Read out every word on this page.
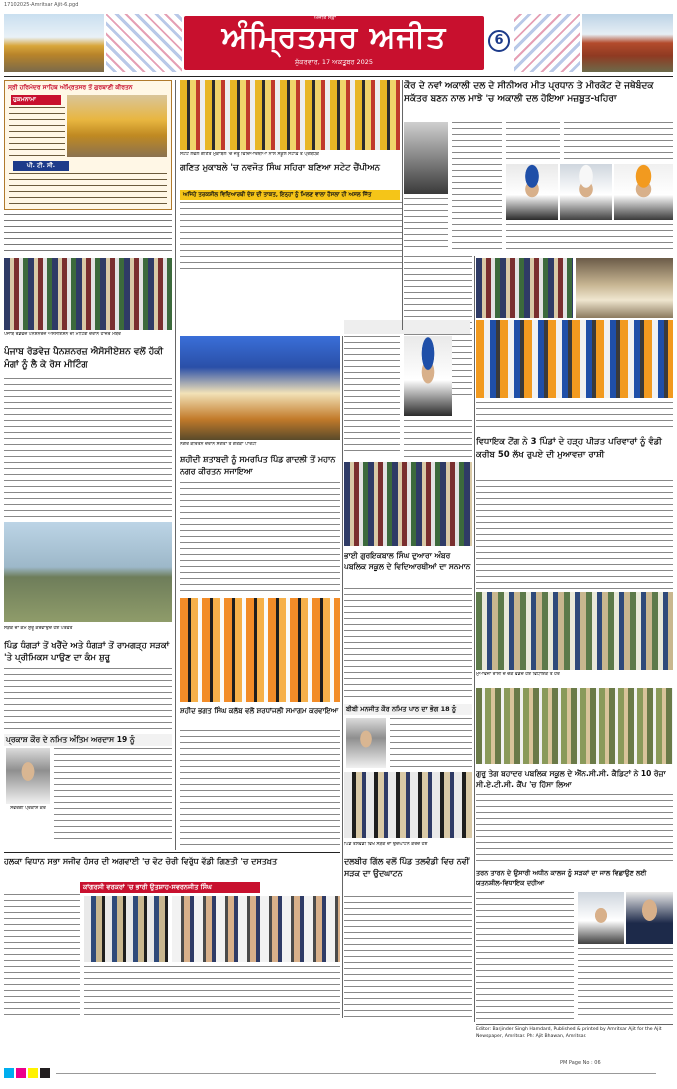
17102025-Amritsar Ajit-6.pgd
ਅੰਮ੍ਰਿਤਸਰ ਅਜੀਤ
ਅਜੀਤ ਸਫ਼ਾ
ਸ਼ੁੱਕਰਵਾਰ, 17 ਅਕਤੂਬਰ 2025
6
ਸ੍ਰੀ ਹਰਿਮੰਦਰ ਸਾਹਿਬ ਅੰਮ੍ਰਿਤਸਰ ਤੋਂ ਗੁਰਬਾਣੀ ਕੀਰਤਨ
ਹੁਕਮਨਾਮਾ
ਪੀ. ਟੀ. ਸੀ.
ਪੰਜਾਬ ਰੋਡਵੇਜ਼ ਪੈਨਸ਼ਨਰਜ਼ ਐਸੋਸੀਏਸ਼ਨ ਦੀ ਮੀਟਿੰਗ ਦੌਰਾਨ ਹਾਜ਼ਰ ਮੈਂਬਰ
ਪੰਜਾਬ ਰੋਡਵੇਜ਼ ਪੈਨਸ਼ਨਰਜ਼ ਐਸੋਸੀਏਸ਼ਨ ਵਲੋਂ ਹੱਕੀ ਮੰਗਾਂ ਨੂੰ ਲੈ ਕੇ ਰੋਸ ਮੀਟਿੰਗ
ਸੜਕ ਦਾ ਕੰਮ ਸ਼ੁਰੂ ਕਰਵਾਉਂਦੇ ਹੋਏ ਪਤਵੰਤੇ
ਪਿੰਡ ਧੰਗੜਾਂ ਤੋਂ ਖਰੈਂਦੇ ਅਤੇ ਧੰਗੜਾਂ ਤੋਂ ਰਾਮਗੜ੍ਹ ਸੜਕਾਂ 'ਤੇ ਪ੍ਰੀਮਿਕਸ ਪਾਉਣ ਦਾ ਕੰਮ ਸ਼ੁਰੂ
ਪ੍ਰਕਾਸ਼ ਕੌਰ ਦੇ ਨਮਿਤ ਅੰਤਿਮ ਅਰਦਾਸ 19 ਨੂੰ
ਸਵਰਗੀ ਪ੍ਰਕਾਸ਼ ਕੌਰ
ਸਟੇਟ ਲੈਵਲ ਗਣਿਤ ਮੁਕਾਬਲੇ 'ਚ ਜੇਤੂ ਵਿਦਿਆਰਥੀਆਂ ਨਾਲ ਸਕੂਲ ਸਟਾਫ਼ ਤੇ ਪ੍ਰਬੰਧਕ
ਕੌਰ ਦੇ ਨਵਾਂ ਅਕਾਲੀ ਦਲ ਦੇ ਸੀਨੀਅਰ ਮੀਤ ਪ੍ਰਧਾਨ ਤੇ ਮੀਰਕੋਟ ਦੇ ਜਥੇਬੰਦਕ ਸਕੱਤਰ ਬਣਨ ਨਾਲ ਮਾਝੇ 'ਚ ਅਕਾਲੀ ਦਲ ਹੋਇਆ ਮਜ਼ਬੂਤ-ਖਹਿਰਾ
ਗਣਿਤ ਮੁਕਾਬਲੇ 'ਚ ਨਵਜੋਤ ਸਿੰਘ ਸਹਿਰਾ ਬਣਿਆ ਸਟੇਟ ਚੈਂਪੀਅਨ
ਅਜਿਹੇ ਤਰਕਸ਼ੀਲ ਵਿਦਿਆਰਥੀ ਦੇਸ਼ ਦੀ ਤਾਕਤ, ਇਨ੍ਹਾਂ ਨੂੰ ਮਿਲਣ ਵਾਲਾ ਹੌਸਲਾ ਹੀ ਅਸਲ ਜਿੱਤ
ਨਗਰ ਕੀਰਤਨ ਦੌਰਾਨ ਸੰਗਤਾਂ ਤੇ ਗੱਤਕਾ ਪਾਰਟੀ
ਸ਼ਹੀਦੀ ਸ਼ਤਾਬਦੀ ਨੂੰ ਸਮਰਪਿਤ ਪਿੰਡ ਗਾਦਲੀ ਤੋਂ ਮਹਾਨ ਨਗਰ ਕੀਰਤਨ ਸਜਾਇਆ
ਵਿਧਾਇਕ ਟੌਂਗ ਨੇ 3 ਪਿੰਡਾਂ ਦੇ ਹੜ੍ਹ ਪੀੜਤ ਪਰਿਵਾਰਾਂ ਨੂੰ ਵੰਡੀ ਕਰੀਬ 50 ਲੱਖ ਰੁਪਏ ਦੀ ਮੁਆਵਜ਼ਾ ਰਾਸ਼ੀ
ਮੁਆਵਜ਼ਾ ਰਾਸ਼ੀ ਦੇ ਚੈੱਕ ਵੰਡਦੇ ਹੋਏ ਵਿਧਾਇਕ ਤੇ ਹੋਰ
ਭਾਈ ਗੁਰਇਕਬਾਲ ਸਿੰਘ ਦੁਆਰਾ ਅੰਬਰ ਪਬਲਿਕ ਸਕੂਲ ਦੇ ਵਿਦਿਆਰਥੀਆਂ ਦਾ ਸਨਮਾਨ
ਸ਼ਹੀਦ ਭਗਤ ਸਿੰਘ ਕਲੱਬ ਵਲੋਂ ਸ਼ਰਧਾਂਜਲੀ ਸਮਾਗਮ ਕਰਵਾਇਆ	ਬੀਬੀ ਮਨਜੀਤ ਕੌਰ ਨਮਿਤ ਪਾਠ ਦਾ ਭੋਗ 18 ਨੂੰ
ਗੁਰੂ ਤੇਗ ਬਹਾਦਰ ਪਬਲਿਕ ਸਕੂਲ ਦੇ ਐੱਨ.ਸੀ.ਸੀ. ਕੈਡਿਟਾਂ ਨੇ 10 ਰੋਜ਼ਾ ਸੀ.ਏ.ਟੀ.ਸੀ. ਕੈਂਪ 'ਚ ਹਿੱਸਾ ਲਿਆ
ਤਰਨ ਤਾਰਨ ਦੇ ਉਸਾਰੀ ਅਧੀਨ ਕਾਲਜ ਨੂੰ ਸੜਕਾਂ ਦਾ ਜਾਲ ਵਿਛਾਉਣ ਲਈ ਯਤਨਸ਼ੀਲ-ਵਿਧਾਇਕ ਦਹੀਆ
ਹਲਕਾ ਵਿਧਾਨ ਸਭਾ ਸਜੀਵ ਹੰਸਰ ਦੀ ਅਗਵਾਈ 'ਚ ਵੋਟ ਚੋਰੀ ਵਿਰੁੱਧ ਵੱਡੀ ਗਿਣਤੀ 'ਚ ਦਸਤਖ਼ਤ
ਕਾਂਗਰਸੀ ਵਰਕਰਾਂ 'ਚ ਭਾਰੀ ਉਤਸ਼ਾਹ-ਸਵਰਨਜੀਤ ਸਿੰਘ
ਪਿੰਡ ਤਲਵੰਡੀ ਵਿਖੇ ਸੜਕ ਦਾ ਉਦਘਾਟਨ ਕਰਦੇ ਹੋਏ
ਦਲਬੀਰ ਗਿੱਲ ਵਲੋਂ ਪਿੰਡ ਤਲਵੰਡੀ ਵਿਚ ਨਵੀਂ ਸੜਕ ਦਾ ਉਦਘਾਟਨ
Editor: Barjinder Singh Hamdard, Published & printed by Amritsar Ajit for the Ajit Newspaper, Amritsar. Ph: Ajit Bhawan, Amritsar.
PM Page No : 06
